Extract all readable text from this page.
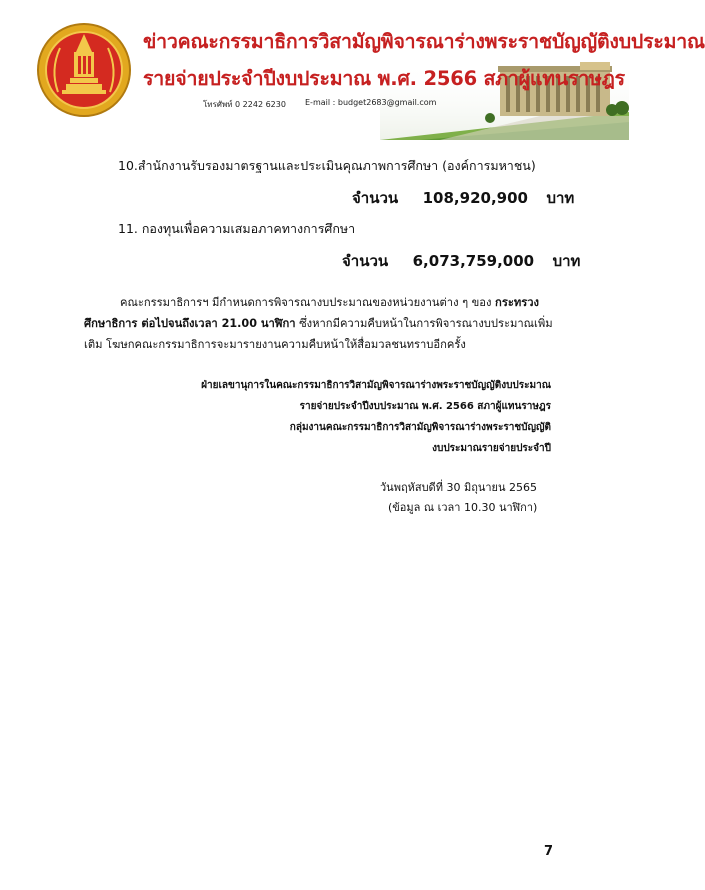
ข่าวคณะกรรมาธิการวิสามัญพิจารณาร่างพระราชบัญญัติงบประมาณ
รายจ่ายประจำปีงบประมาณ พ.ศ. 2566 สภาผู้แทนราษฎร
โทรศัพท์ 0 2242 6230 E-mail : budget2683@gmail.com
10.สำนักงานรับรองมาตรฐานและประเมินคุณภาพการศึกษา (องค์การมหาชน)
จำนวน 108,920,900 บาท
11. กองทุนเพื่อความเสมอภาคทางการศึกษา
จำนวน 6,073,759,000 บาท
คณะกรรมาธิการฯ มีกำหนดการพิจารณางบประมาณของหน่วยงานต่าง ๆ ของ กระทรวงศึกษาธิการ ต่อไปจนถึงเวลา 21.00 นาฬิกา ซึ่งหากมีความคืบหน้าในการพิจารณางบประมาณเพิ่มเติม โฆษกคณะกรรมาธิการจะมารายงานความคืบหน้าให้สื่อมวลชนทราบอีกครั้ง
ฝ่ายเลขานุการในคณะกรรมาธิการวิสามัญพิจารณาร่างพระราชบัญญัติงบประมาณ
รายจ่ายประจำปีงบประมาณ พ.ศ. 2566 สภาผู้แทนราษฎร
กลุ่มงานคณะกรรมาธิการวิสามัญพิจารณาร่างพระราชบัญญัติ
งบประมาณรายจ่ายประจำปี
วันพฤหัสบดีที่ 30 มิถุนายน 2565
(ข้อมูล ณ เวลา 10.30 นาฬิกา)
7
